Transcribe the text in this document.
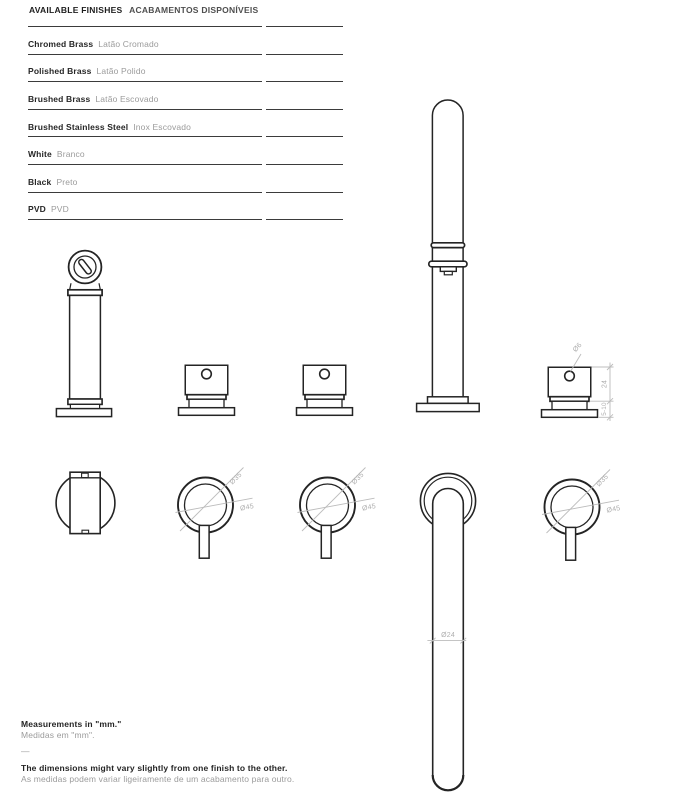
Ø6
24
5-10
Ø35
Ø45
Ø35
Ø45
Ø35
Ø45
Ø24
AVAILABLE FINISHES ACABAMENTOS DISPONÍVEIS
Chromed Brass Latão Cromado
Polished Brass Latão Polido
Brushed Brass Latão Escovado
Brushed Stainless Steel Inox Escovado
White Branco
Black Preto
PVD PVD
Measurements in "mm."
Medidas em "mm".
—
The dimensions might vary slightly from one finish to the other.
As medidas podem variar ligeiramente de um acabamento para outro.
